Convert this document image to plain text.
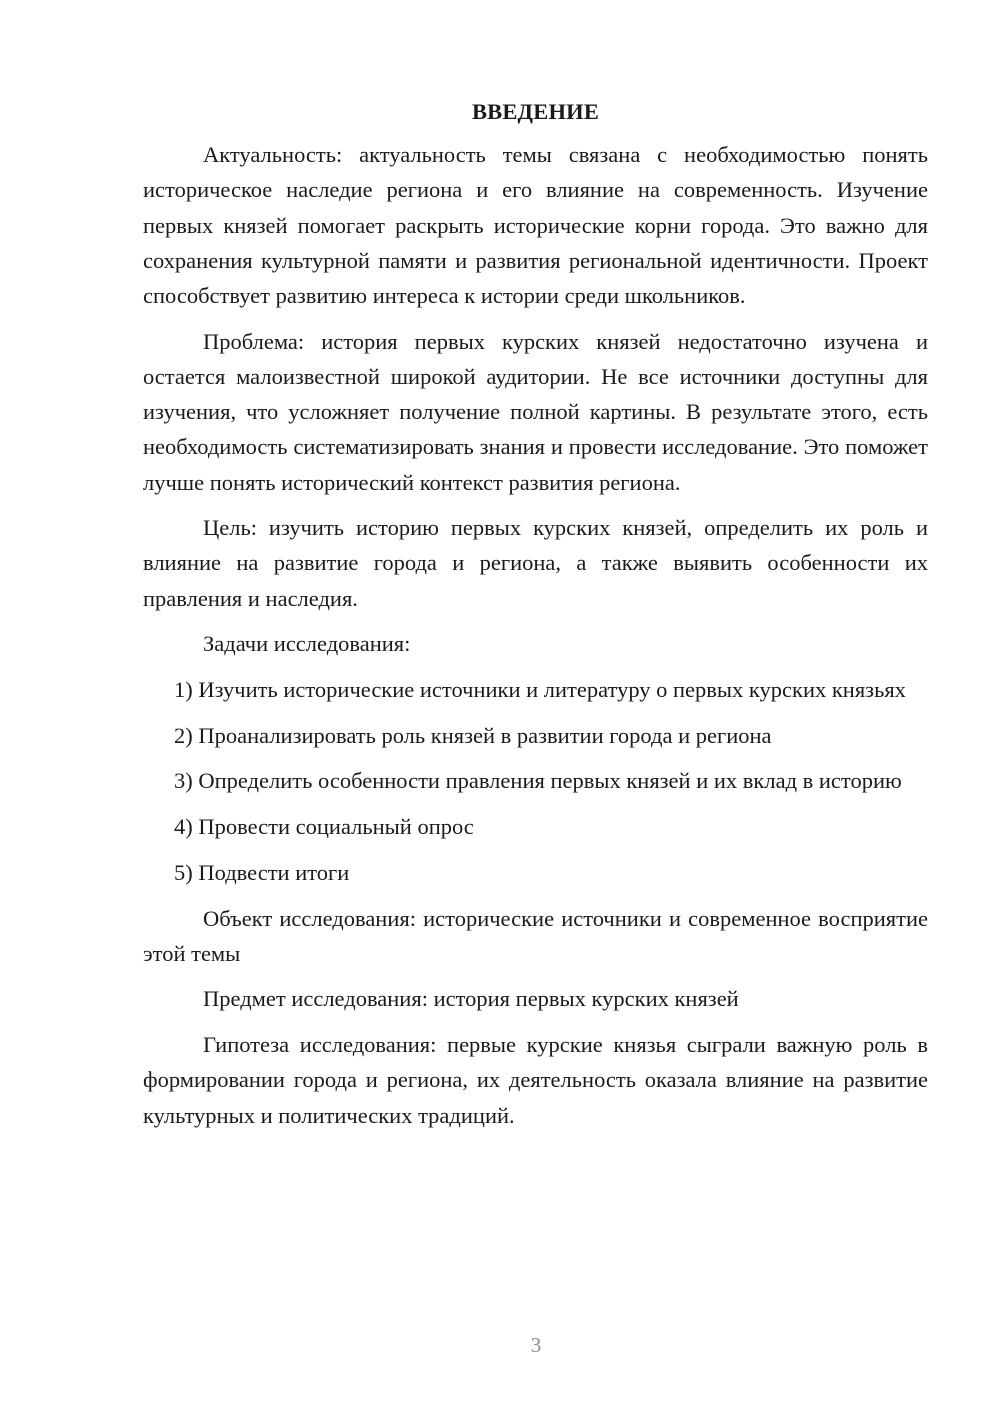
ВВЕДЕНИЕ

Актуальность: актуальность темы связана с необходимостью понять историческое наследие региона и его влияние на современность. Изучение первых князей помогает раскрыть исторические корни города. Это важно для сохранения культурной памяти и развития региональной идентичности. Проект способствует развитию интереса к истории среди школьников.

Проблема: история первых курских князей недостаточно изучена и остается малоизвестной широкой аудитории. Не все источники доступны для изучения, что усложняет получение полной картины. В результате этого, есть необходимость систематизировать знания и провести исследование. Это поможет лучше понять исторический контекст развития региона.

Цель: изучить историю первых курских князей, определить их роль и влияние на развитие города и региона, а также выявить особенности их правления и наследия.

Задачи исследования:

1) Изучить исторические источники и литературу о первых курских князьях

2) Проанализировать роль князей в развитии города и региона

3) Определить особенности правления первых князей и их вклад в историю

4) Провести социальный опрос

5) Подвести итоги

Объект исследования: исторические источники и современное восприятие этой темы

Предмет исследования: история первых курских князей

Гипотеза исследования: первые курские князья сыграли важную роль в формировании города и региона, их деятельность оказала влияние на развитие культурных и политических традиций.

3
